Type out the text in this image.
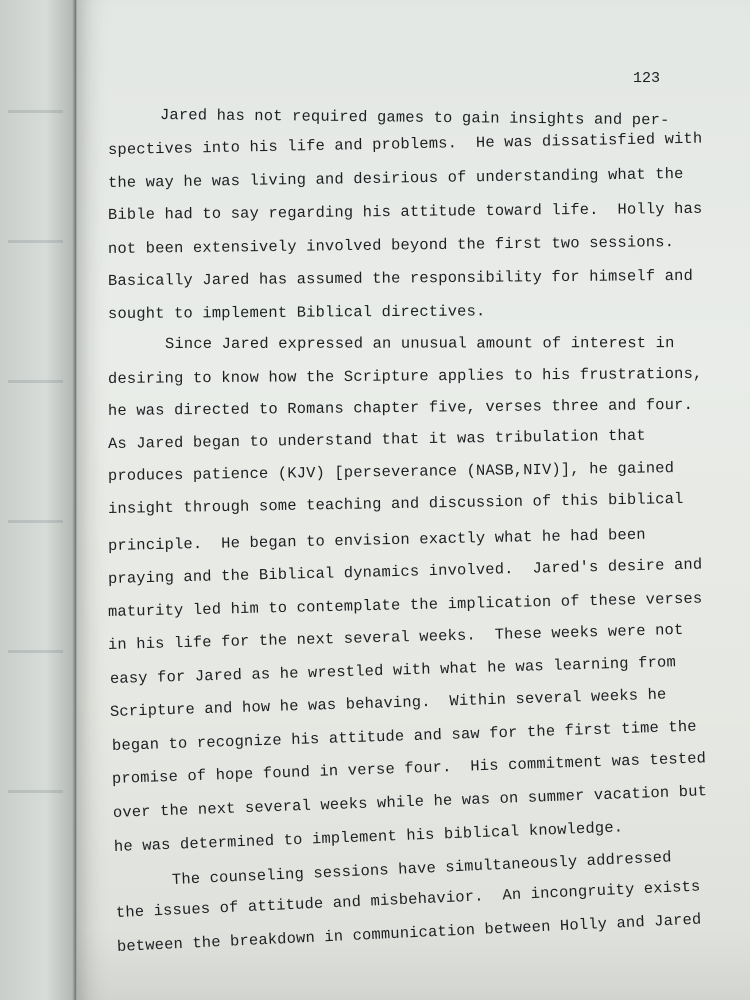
123

Jared has not required games to gain insights and per-

spectives into his life and problems.  He was dissatisfied with

the way he was living and desirious of understanding what the

Bible had to say regarding his attitude toward life.  Holly has

not been extensively involved beyond the first two sessions.

Basically Jared has assumed the responsibility for himself and

sought to implement Biblical directives.

Since Jared expressed an unusual amount of interest in

desiring to know how the Scripture applies to his frustrations,

he was directed to Romans chapter five, verses three and four.

As Jared began to understand that it was tribulation that

produces patience (KJV) [perseverance (NASB,NIV)], he gained

insight through some teaching and discussion of this biblical

principle.  He began to envision exactly what he had been

praying and the Biblical dynamics involved.  Jared's desire and

maturity led him to contemplate the implication of these verses

in his life for the next several weeks.  These weeks were not

easy for Jared as he wrestled with what he was learning from

Scripture and how he was behaving.  Within several weeks he

began to recognize his attitude and saw for the first time the

promise of hope found in verse four.  His commitment was tested

over the next several weeks while he was on summer vacation but

he was determined to implement his biblical knowledge.

The counseling sessions have simultaneously addressed

the issues of attitude and misbehavior.  An incongruity exists
